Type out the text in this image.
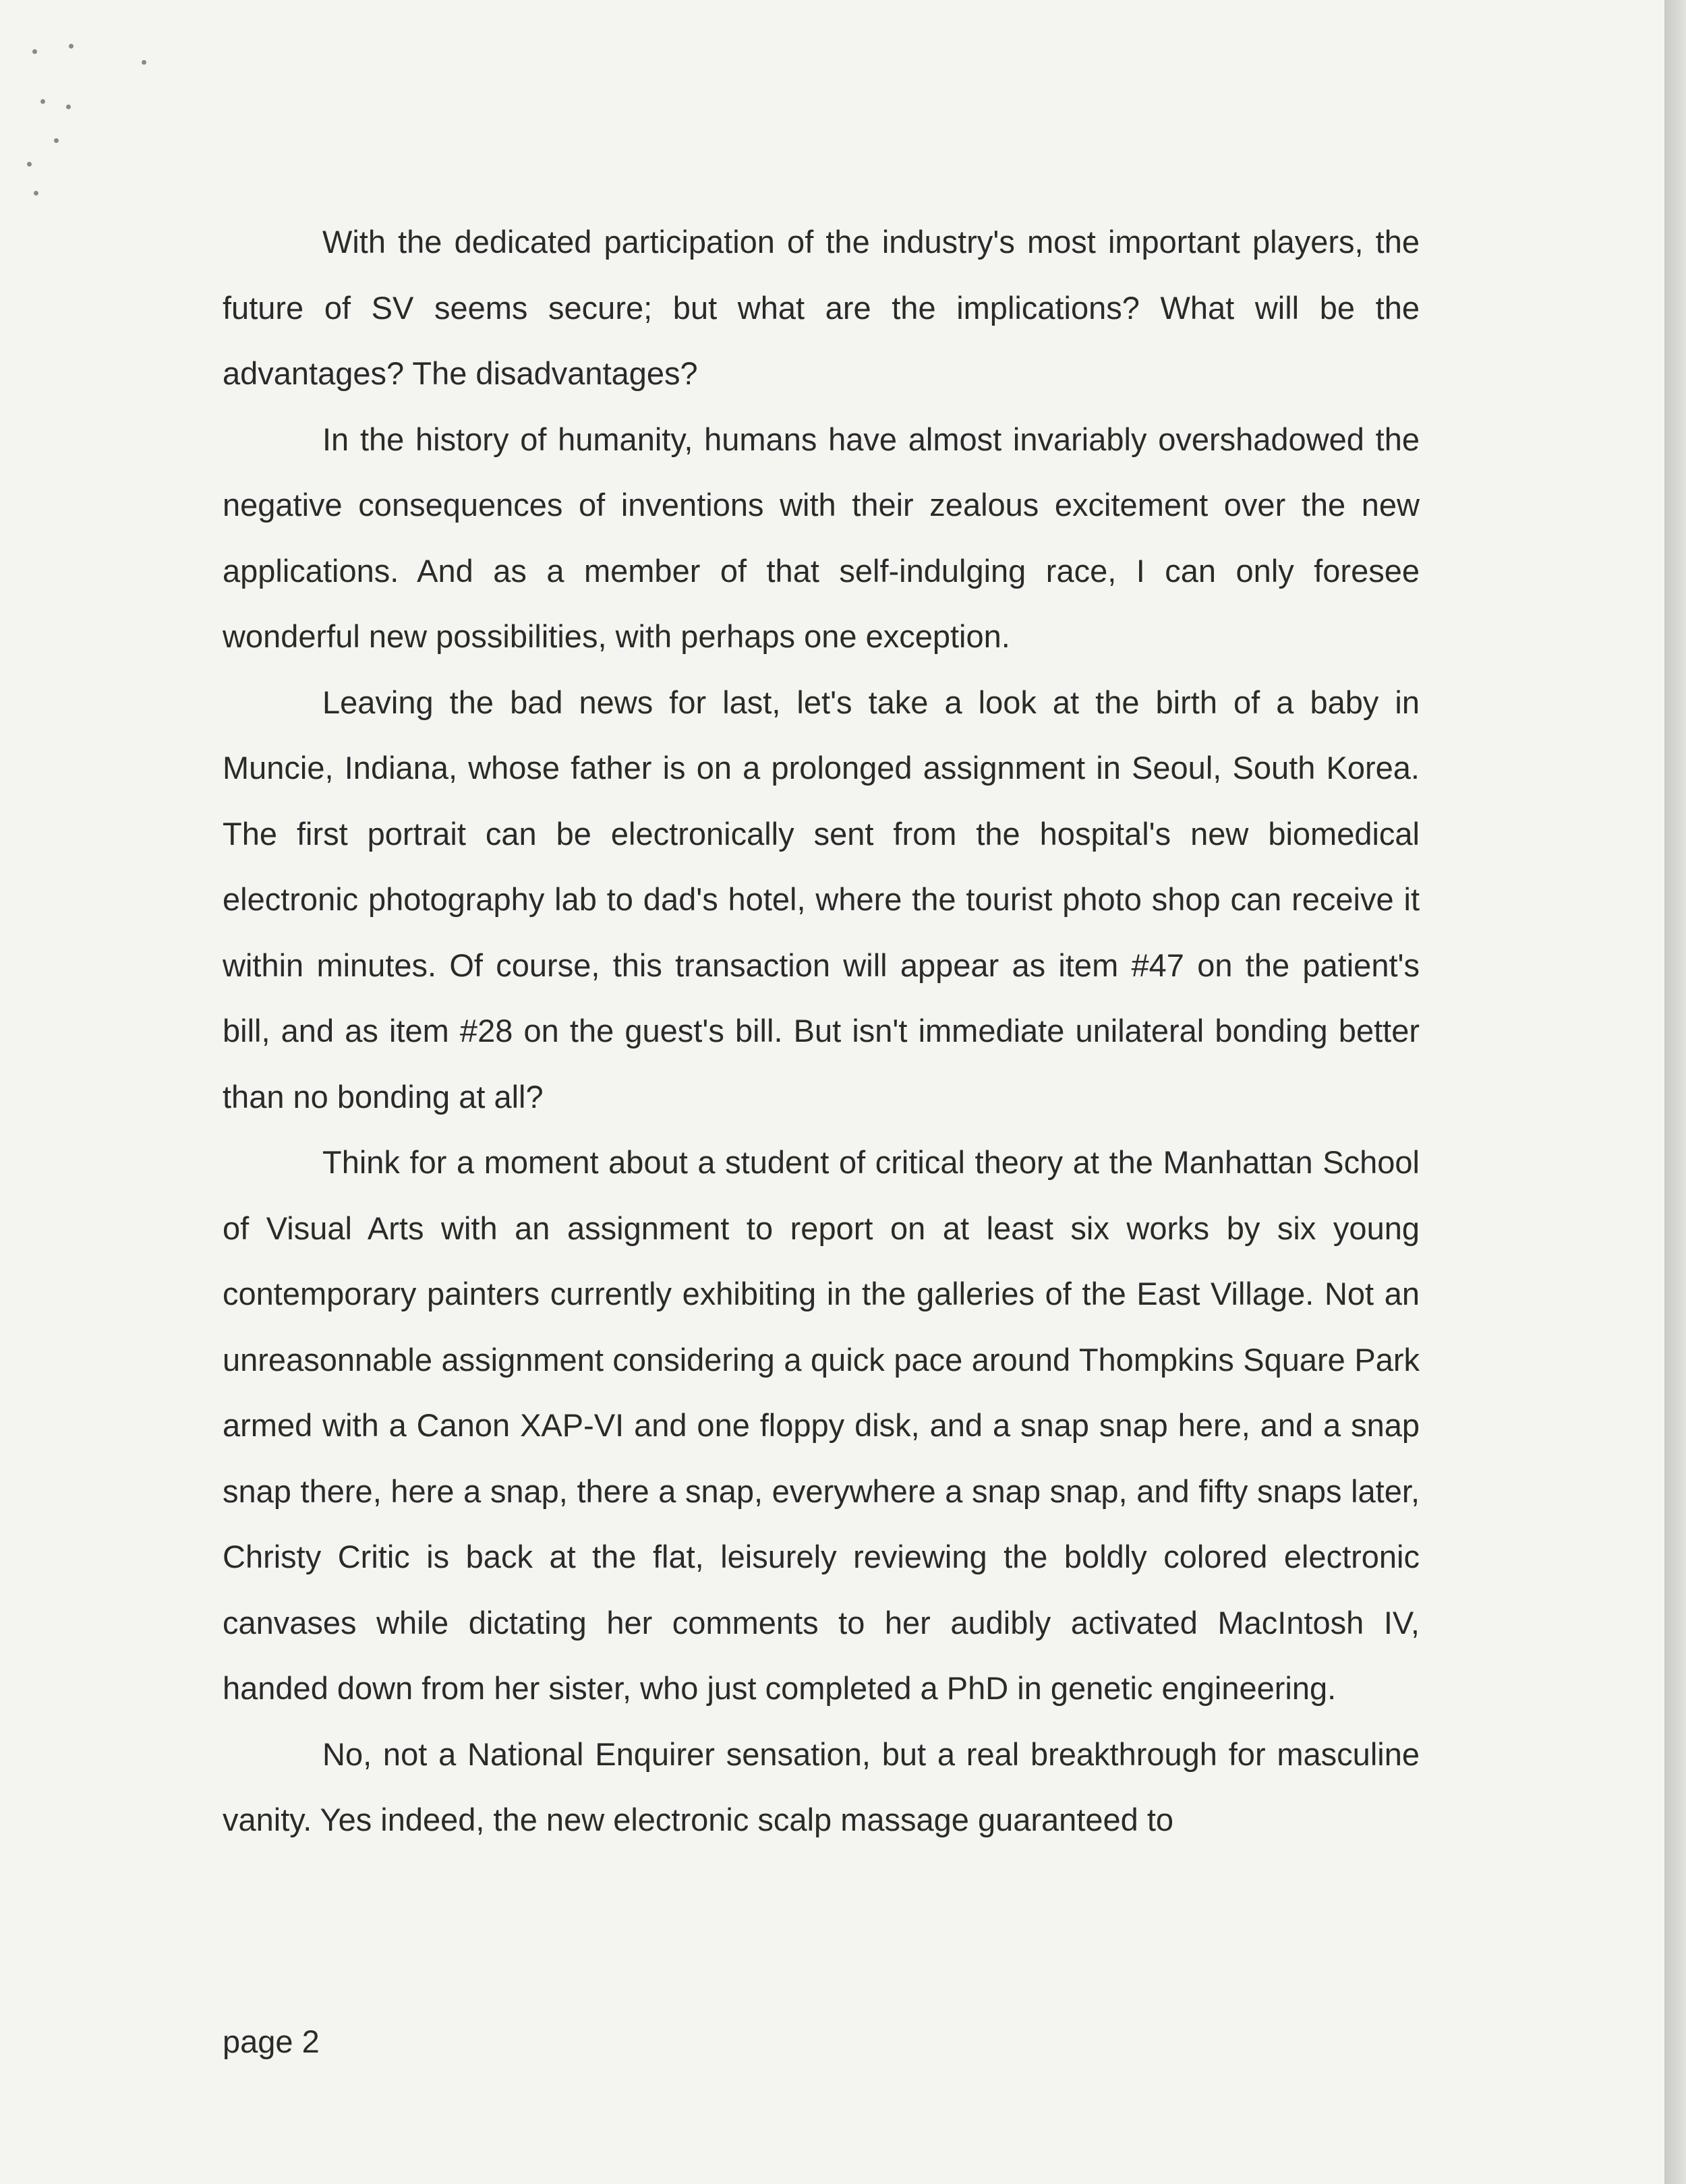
With the dedicated participation of the industry's most important players, the future of SV seems secure; but what are the implications? What will be the advantages? The disadvantages?

In the history of humanity, humans have almost invariably overshadowed the negative consequences of inventions with their zealous excitement over the new applications. And as a member of that self-indulging race, I can only foresee wonderful new possibilities, with perhaps one exception.

Leaving the bad news for last, let's take a look at the birth of a baby in Muncie, Indiana, whose father is on a prolonged assignment in Seoul, South Korea. The first portrait can be electronically sent from the hospital's new biomedical electronic photography lab to dad's hotel, where the tourist photo shop can receive it within minutes. Of course, this transaction will appear as item #47 on the patient's bill, and as item #28 on the guest's bill. But isn't immediate unilateral bonding better than no bonding at all?

Think for a moment about a student of critical theory at the Manhattan School of Visual Arts with an assignment to report on at least six works by six young contemporary painters currently exhibiting in the galleries of the East Village. Not an unreasonnable assignment considering a quick pace around Thompkins Square Park armed with a Canon XAP-VI and one floppy disk, and a snap snap here, and a snap snap there, here a snap, there a snap, everywhere a snap snap, and fifty snaps later, Christy Critic is back at the flat, leisurely reviewing the boldly colored electronic canvases while dictating her comments to her audibly activated MacIntosh IV, handed down from her sister, who just completed a PhD in genetic engineering.

No, not a National Enquirer sensation, but a real breakthrough for masculine vanity. Yes indeed, the new electronic scalp massage guaranteed to

page 2
